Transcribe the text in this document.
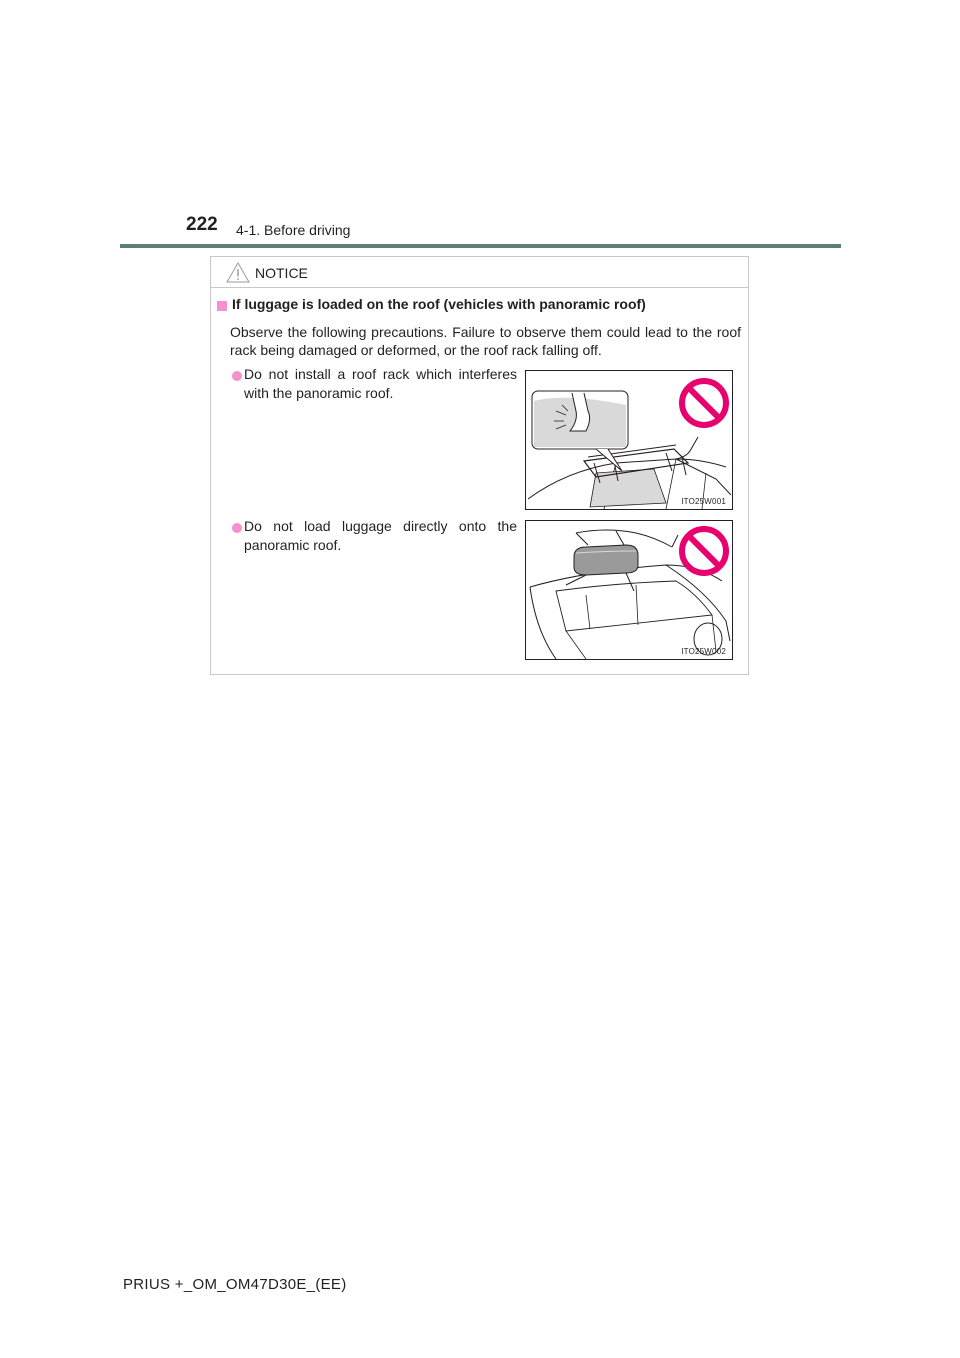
222 4-1. Before driving
NOTICE
If luggage is loaded on the roof (vehicles with panoramic roof)
Observe the following precautions. Failure to observe them could lead to the roof rack being damaged or deformed, or the roof rack falling off.
Do not install a roof rack which interferes with the panoramic roof.
ITO25W001
Do not load luggage directly onto the panoramic roof.
ITO25W002
PRIUS +_OM_OM47D30E_(EE)
